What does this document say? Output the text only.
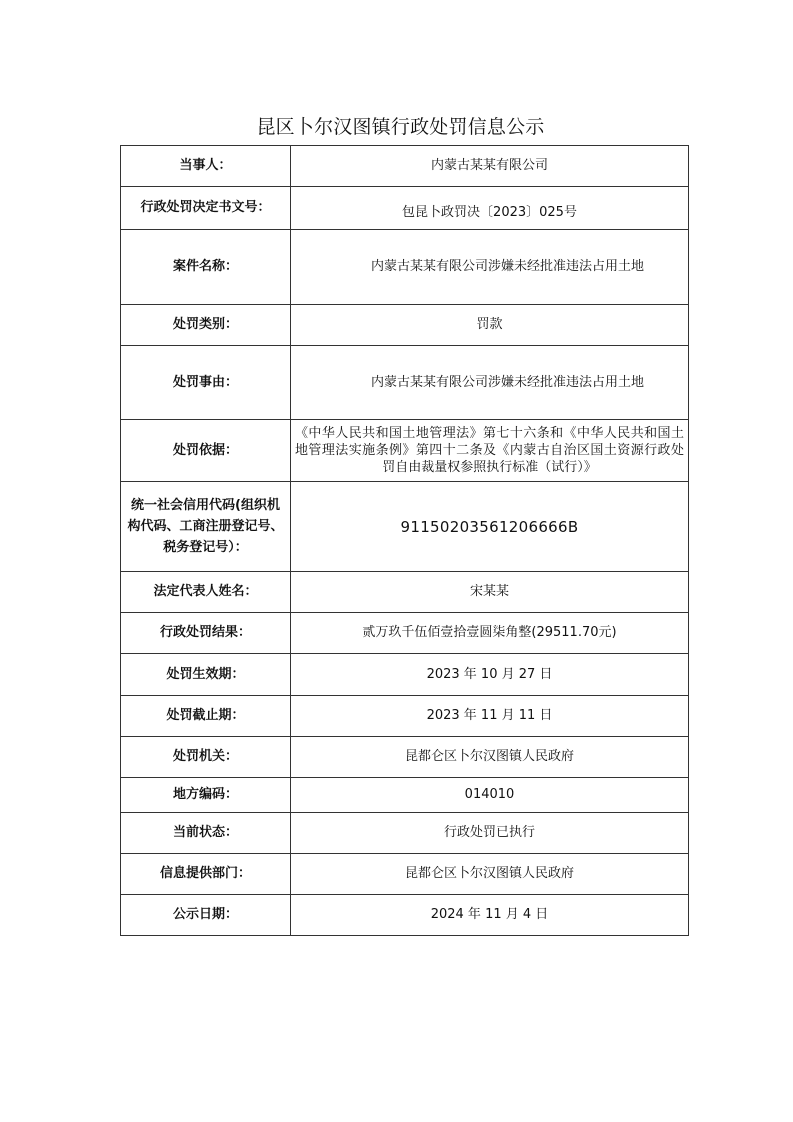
昆区卜尔汉图镇行政处罚信息公示
当事人：	内蒙古某某有限公司
行政处罚决定书文号：	包昆卜政罚决〔2023〕025号
案件名称：	内蒙古某某有限公司涉嫌未经批准违法占用土地
处罚类别：	罚款
处罚事由：	内蒙古某某有限公司涉嫌未经批准违法占用土地
处罚依据：	《中华人民共和国土地管理法》第七十六条和《中华人民共和国土地管理法实施条例》第四十二条及《内蒙古自治区国土资源行政处罚自由裁量权参照执行标准（试行）》
统一社会信用代码(组织机构代码、工商注册登记号、税务登记号）：	91150203561206666B
法定代表人姓名：	宋某某
行政处罚结果：	贰万玖千伍佰壹拾壹圆柒角整(29511.70元)
处罚生效期：	2023 年 10 月 27 日
处罚截止期：	2023 年 11 月 11 日
处罚机关：	昆都仑区卜尔汉图镇人民政府
地方编码：	014010
当前状态：	行政处罚已执行
信息提供部门：	昆都仑区卜尔汉图镇人民政府
公示日期：	2024 年 11 月 4 日
